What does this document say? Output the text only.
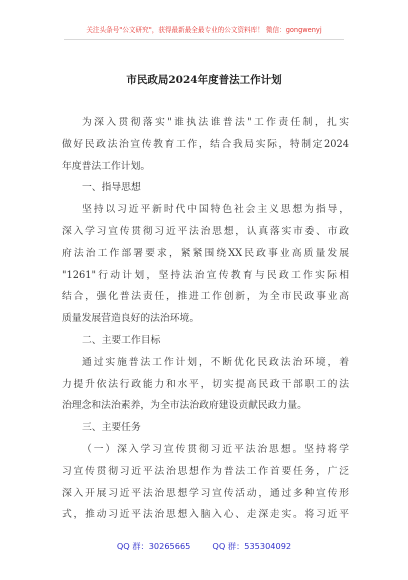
关注头条号"公文研究"，获得最新最全最专业的公文资料库！ 微信：gongwenyj
市民政局2024年度普法工作计划
为深入贯彻落实"谁执法谁普法"工作责任制，扎实
做好民政法治宣传教育工作，结合我局实际，特制定2024
年度普法工作计划。
一、指导思想
坚持以习近平新时代中国特色社会主义思想为指导，
深入学习宣传贯彻习近平法治思想，认真落实市委、市政
府法治工作部署要求，紧紧围绕XX民政事业高质量发展
"1261"行动计划，坚持法治宣传教育与民政工作实际相
结合，强化普法责任，推进工作创新，为全市民政事业高
质量发展营造良好的法治环境。
二、主要工作目标
通过实施普法工作计划，不断优化民政法治环境，着
力提升依法行政能力和水平，切实提高民政干部职工的法
治理念和法治素养，为全市法治政府建设贡献民政力量。
三、主要任务
（一）深入学习宣传贯彻习近平法治思想。坚持将学
习宣传贯彻习近平法治思想作为普法工作首要任务，广泛
深入开展习近平法治思想学习宣传活动，通过多种宣传形
式，推动习近平法治思想入脑入心、走深走实。将习近平
QQ 群：30265665	QQ 群：535304092
